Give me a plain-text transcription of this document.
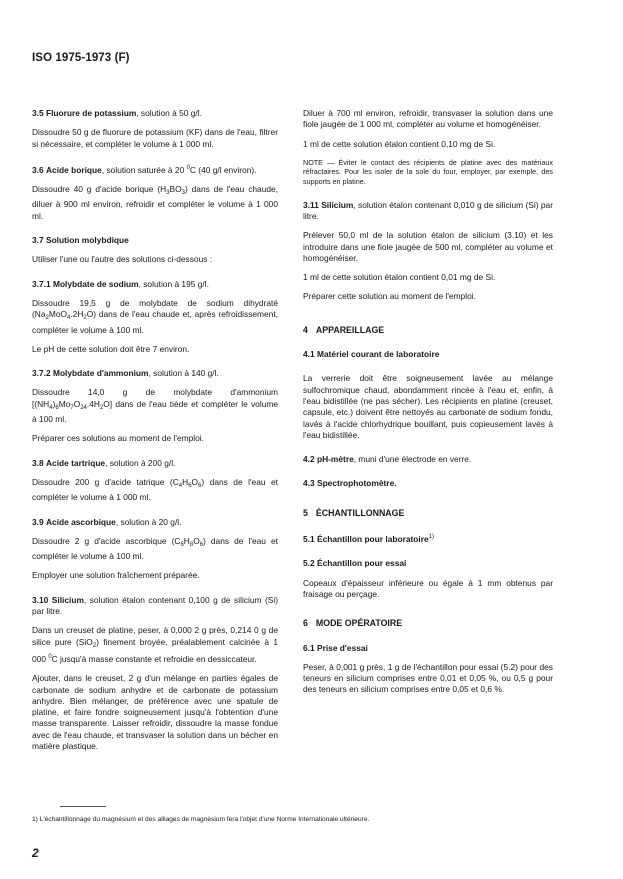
ISO 1975-1973 (F)

3.5 Fluorure de potassium, solution à 50 g/l.

Dissoudre 50 g de fluorure de potassium (KF) dans de l'eau, filtrer si nécessaire, et compléter le volume à 1 000 ml.

3.6 Acide borique, solution saturée à 20 $^0$C (40 g/l environ).

Dissoudre 40 g d'acide borique $(H_3BO_3)$ dans de l'eau chaude, diluer à 900 ml environ, refroidir et compléter le volume à 1 000 ml.

3.7 Solution molybdique

Utiliser l'une ou l'autre des solutions ci-dessous :

3.7.1 Molybdate de sodium, solution à 195 g/l.

Dissoudre 19,5 g de molybdate de sodium dihydraté $(Na_2MoO_4.2H_2O)$ dans de l'eau chaude et, après refroidissement, compléter le volume à 100 ml.

Le pH de cette solution doit être 7 environ.

3.7.2 Molybdate d'ammonium, solution à 140 g/l.

Dissoudre 14,0 g de molybdate d'ammonium $[(NH_4)_6Mo_7O_{24}.4H_2O]$ dans de l'eau tiède et compléter le volume à 100 ml.

Préparer ces solutions au moment de l'emploi.

3.8 Acide tartrique, solution à 200 g/l.

Dissoudre 200 g d'acide tatrique $(C_4H_6O_6)$ dans de l'eau et compléter le volume à 1 000 ml.

3.9 Acide ascorbique, solution à 20 g/l.

Dissoudre 2 g d'acide ascorbique $(C_6H_8O_6)$ dans de l'eau et compléter le volume à 100 ml.

Employer une solution fraîchement préparée.

3.10 Silicium, solution étalon contenant 0,100 g de silicium (Si) par litre.

Dans un creuset de platine, peser, à 0,000 2 g près, 0,214 0 g de silice pure (SiO$_2$) finement broyée, préalablement calcinée à 1 000 $^0$C jusqu'à masse constante et refroidie en dessiccateur.

Ajouter, dans le creuset, 2 g d'un mélange en parties égales de carbonate de sodium anhydre et de carbonate de potassium anhydre. Bien mélanger, de préférence avec une spatule de platine, et faire fondre soigneusement jusqu'à l'obtention d'une masse transparente. Laisser refroidir, dissoudre la masse fondue avec de l'eau chaude, et transvaser la solution dans un bécher en matière plastique.

Diluer à 700 ml environ, refroidir, transvaser la solution dans une fiole jaugée de 1 000 ml, compléter au volume et homogénéiser.

1 ml de cette solution étalon contient 0,10 mg de Si.

NOTE — Éviter le contact des récipients de platine avec des matériaux réfractaires. Pour les isoler de la sole du four, employer, par exemple, des supports en platine.

3.11 Silicium, solution étalon contenant 0,010 g de silicium (Si) par litre.

Prélever 50,0 ml de la solution étalon de silicium (3.10) et les introduire dans une fiole jaugée de 500 ml, compléter au volume et homogénéiser.

1 ml de cette solution étalon contient 0,01 mg de Si.

Préparer cette solution au moment de l'emploi.

4 APPAREILLAGE

4.1 Matériel courant de laboratoire

La verrerie doit être soigneusement lavée au mélange sulfochromique chaud, abondamment rincée à l'eau et, enfin, à l'eau bidistillée (ne pas sécher). Les récipients en platine (creuset, capsule, etc.) doivent être nettoyés au carbonate de sodium fondu, lavés à l'acide chlorhydrique bouillant, puis copieusement lavés à l'eau bidistillée.

4.2 pH-mètre, muni d'une électrode en verre.

4.3 Spectrophotomètre.

5 ÉCHANTILLONNAGE

5.1 Échantillon pour laboratoire$^{1)}$

5.2 Échantillon pour essai

Copeaux d'épaisseur inférieure ou égale à 1 mm obtenus par fraisage ou perçage.

6 MODE OPÉRATOIRE

6.1 Prise d'essai

Peser, à 0,001 g près, 1 g de l'échantillon pour essai (5.2) pour des teneurs en silicium comprises entre 0,01 et 0,05 %, ou 0,5 g pour des teneurs en silicium comprises entre 0,05 et 0,6 %.

1) L'échantillonnage du magnésium et des alliages de magnésium fera l'objet d'une Norme Internationale ultérieure.
2
